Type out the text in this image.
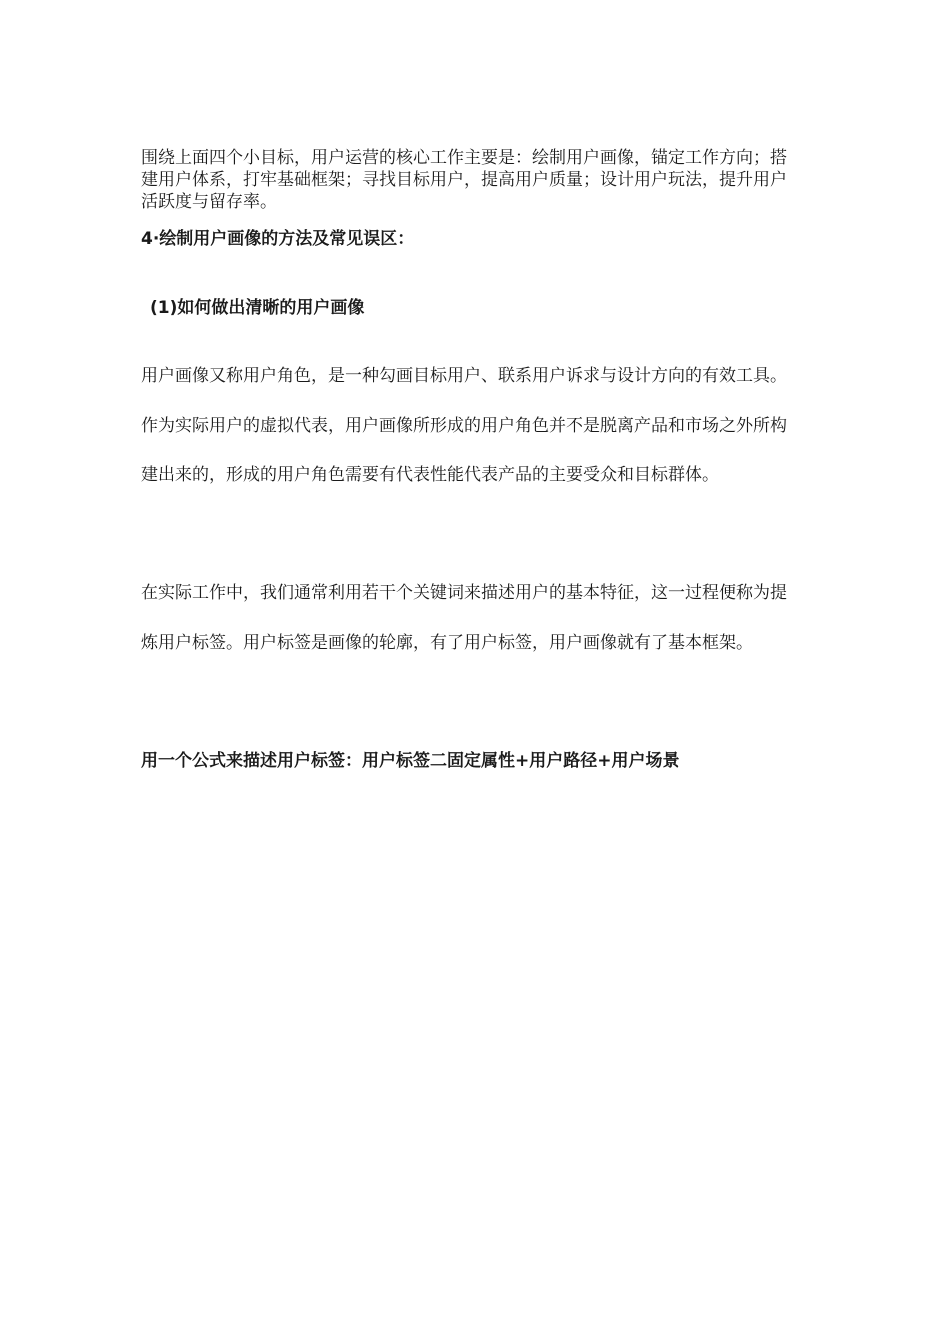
围绕上面四个小目标，用户运营的核心工作主要是：绘制用户画像，锚定工作方向；搭建用户体系，打牢基础框架；寻找目标用户，提高用户质量；设计用户玩法，提升用户活跃度与留存率。

4·绘制用户画像的方法及常见误区：

(1)如何做出清晰的用户画像

用户画像又称用户角色，是一种勾画目标用户、联系用户诉求与设计方向的有效工具。作为实际用户的虚拟代表，用户画像所形成的用户角色并不是脱离产品和市场之外所构建出来的，形成的用户角色需要有代表性能代表产品的主要受众和目标群体。

在实际工作中，我们通常利用若干个关键词来描述用户的基本特征，这一过程便称为提炼用户标签。用户标签是画像的轮廓，有了用户标签，用户画像就有了基本框架。

用一个公式来描述用户标签：用户标签二固定属性+用户路径+用户场景
